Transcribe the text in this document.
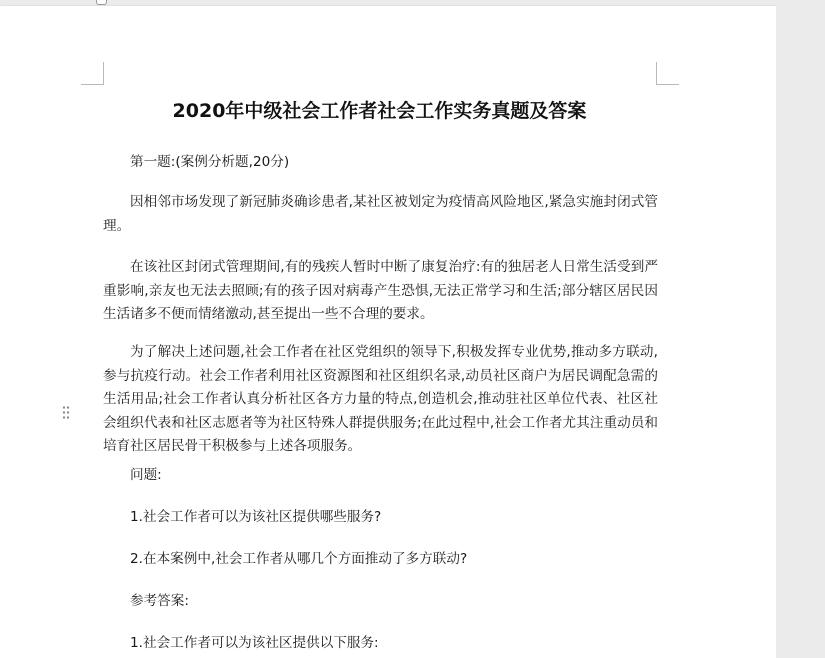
2020年中级社会工作者社会工作实务真题及答案

第一题:(案例分析题,20分)

因相邻市场发现了新冠肺炎确诊患者,某社区被划定为疫情高风险地区,紧急实施封闭式管理。

在该社区封闭式管理期间,有的残疾人暂时中断了康复治疗:有的独居老人日常生活受到严重影响,亲友也无法去照顾;有的孩子因对病毒产生恐惧,无法正常学习和生活;部分辖区居民因生活诸多不便而情绪激动,甚至提出一些不合理的要求。

为了解决上述问题,社会工作者在社区党组织的领导下,积极发挥专业优势,推动多方联动,参与抗疫行动。社会工作者利用社区资源图和社区组织名录,动员社区商户为居民调配急需的生活用品;社会工作者认真分析社区各方力量的特点,创造机会,推动驻社区单位代表、社区社会组织代表和社区志愿者等为社区特殊人群提供服务;在此过程中,社会工作者尤其注重动员和培育社区居民骨干积极参与上述各项服务。

问题:

1.社会工作者可以为该社区提供哪些服务?

2.在本案例中,社会工作者从哪几个方面推动了多方联动?

参考答案:

1.社会工作者可以为该社区提供以下服务:
